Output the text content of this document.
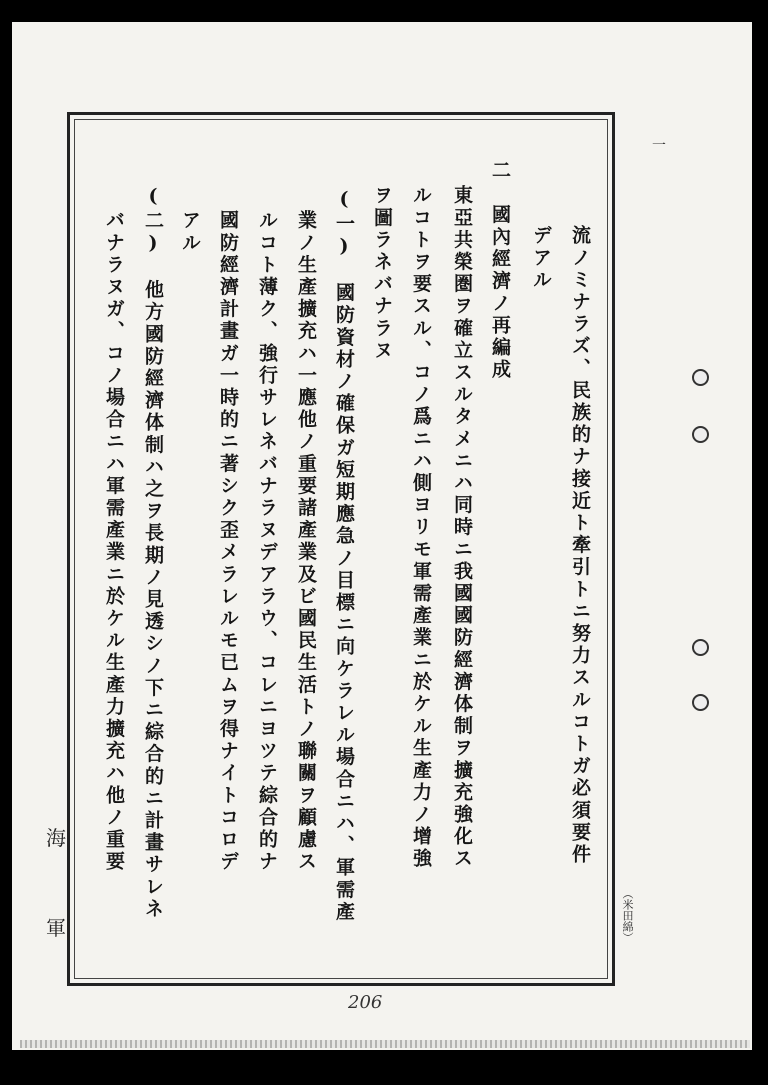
流ノミナラズ、民族的ナ接近ト牽引トニ努力スルコトガ必須要件
デアル
二　國內經濟ノ再編成
東亞共榮圏ヲ確立スルタメニハ同時ニ我國國防經濟体制ヲ擴充強化ス
ルコトヲ要スル、コノ爲ニハ側ヨリモ軍需產業ニ於ケル生產力ノ增強
ヲ圖ラネバナラヌ
(一)　國防資材ノ確保ガ短期應急ノ目標ニ向ケラレル場合ニハ、軍需產
業ノ生產擴充ハ一應他ノ重要諸產業及ビ國民生活トノ聯關ヲ顧慮ス
ルコト薄ク、強行サレネバナラヌデアラウ、コレニヨツテ綜合的ナ
國防經濟計畫ガ一時的ニ著シク歪メラレルモ已ムヲ得ナイトコロデ
アル
(二)　他方國防經濟体制ハ之ヲ長期ノ見透シノ下ニ綜合的ニ計畫サレネ
バナラヌガ、コノ場合ニハ軍需產業ニ於ケル生產力擴充ハ他ノ重要
（米田綿）
海
軍
一
206
